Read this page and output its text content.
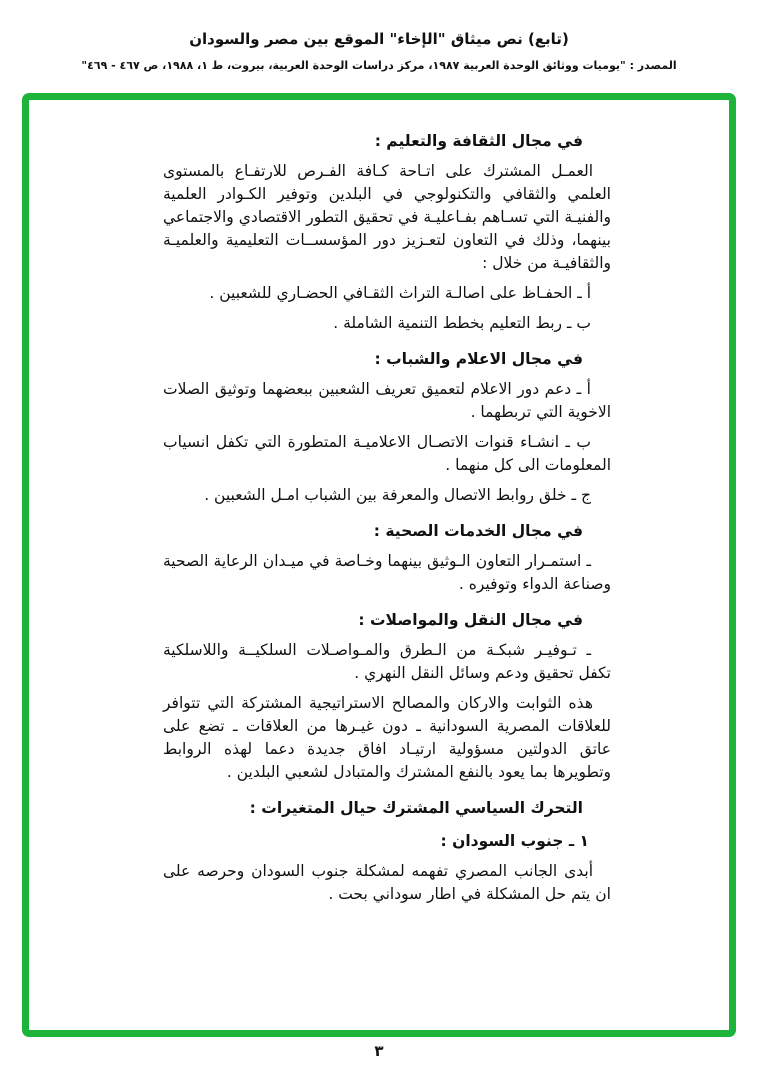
(تابع) نص ميثاق "الإخاء" الموقع بين مصر والسودان
المصدر : "يوميات ووثائق الوحدة العربية ١٩٨٧، مركز دراسات الوحدة العربية، بيروت، ط ١، ١٩٨٨، ص ٤٦٧ - ٤٦٩"
في مجال الثقافة والتعليم :
العمـل المشترك على اتـاحة كـافة الفـرص للارتفـاع بالمستوى العلمي والثقافي والتكنولوجي في البلدين وتوفير الكـوادر العلمية والفنيـة التي تسـاهم بفـاعليـة في تحقيق التطور الاقتصادي والاجتماعي بينهما، وذلك في التعاون لتعـزيز دور المؤسســات التعليمية والعلميـة والثقافيـة من خلال :
أ ـ الحفـاظ على اصالـة التراث الثقـافي الحضـاري للشعبين .
ب ـ ربط التعليم بخطط التنمية الشاملة .
في مجال الاعلام والشباب :
أ ـ دعم دور الاعلام لتعميق تعريف الشعبين ببعضهما وتوثيق الصلات الاخوية التي تربطهما .
ب ـ انشـاء قنوات الاتصـال الاعلاميـة المتطورة التي تكفل انسياب المعلومات الى كل منهما .
ج ـ خلق روابط الاتصال والمعرفة بين الشباب امـل الشعبين .
في مجال الخدمات الصحية :
ـ استمـرار التعاون الـوثيق بينهما وخـاصة في ميـدان الرعاية الصحية وصناعة الدواء وتوفيره .
في مجال النقل والمواصلات :
ـ تـوفيـر شبكـة من الـطرق والمـواصـلات السلكيــة واللاسلكية تكفل تحقيق ودعم وسائل النقل النهري .
هذه الثوابت والاركان والمصالح الاستراتيجية المشتركة التي تتوافر للعلاقات المصرية السودانية ـ دون غيـرها من العلاقات ـ تضع على عاتق الدولتين مسؤولية ارتيـاد افاق جديدة دعما لهذه الروابط وتطويرها بما يعود بالنفع المشترك والمتبادل لشعبي البلدين .
التحرك السياسي المشترك حيال المتغيرات :
١ ـ جنوب السودان :
أبدى الجانب المصري تفهمه لمشكلة جنوب السودان وحرصه على ان يتم حل المشكلة في اطار سوداني بحت .
٣
